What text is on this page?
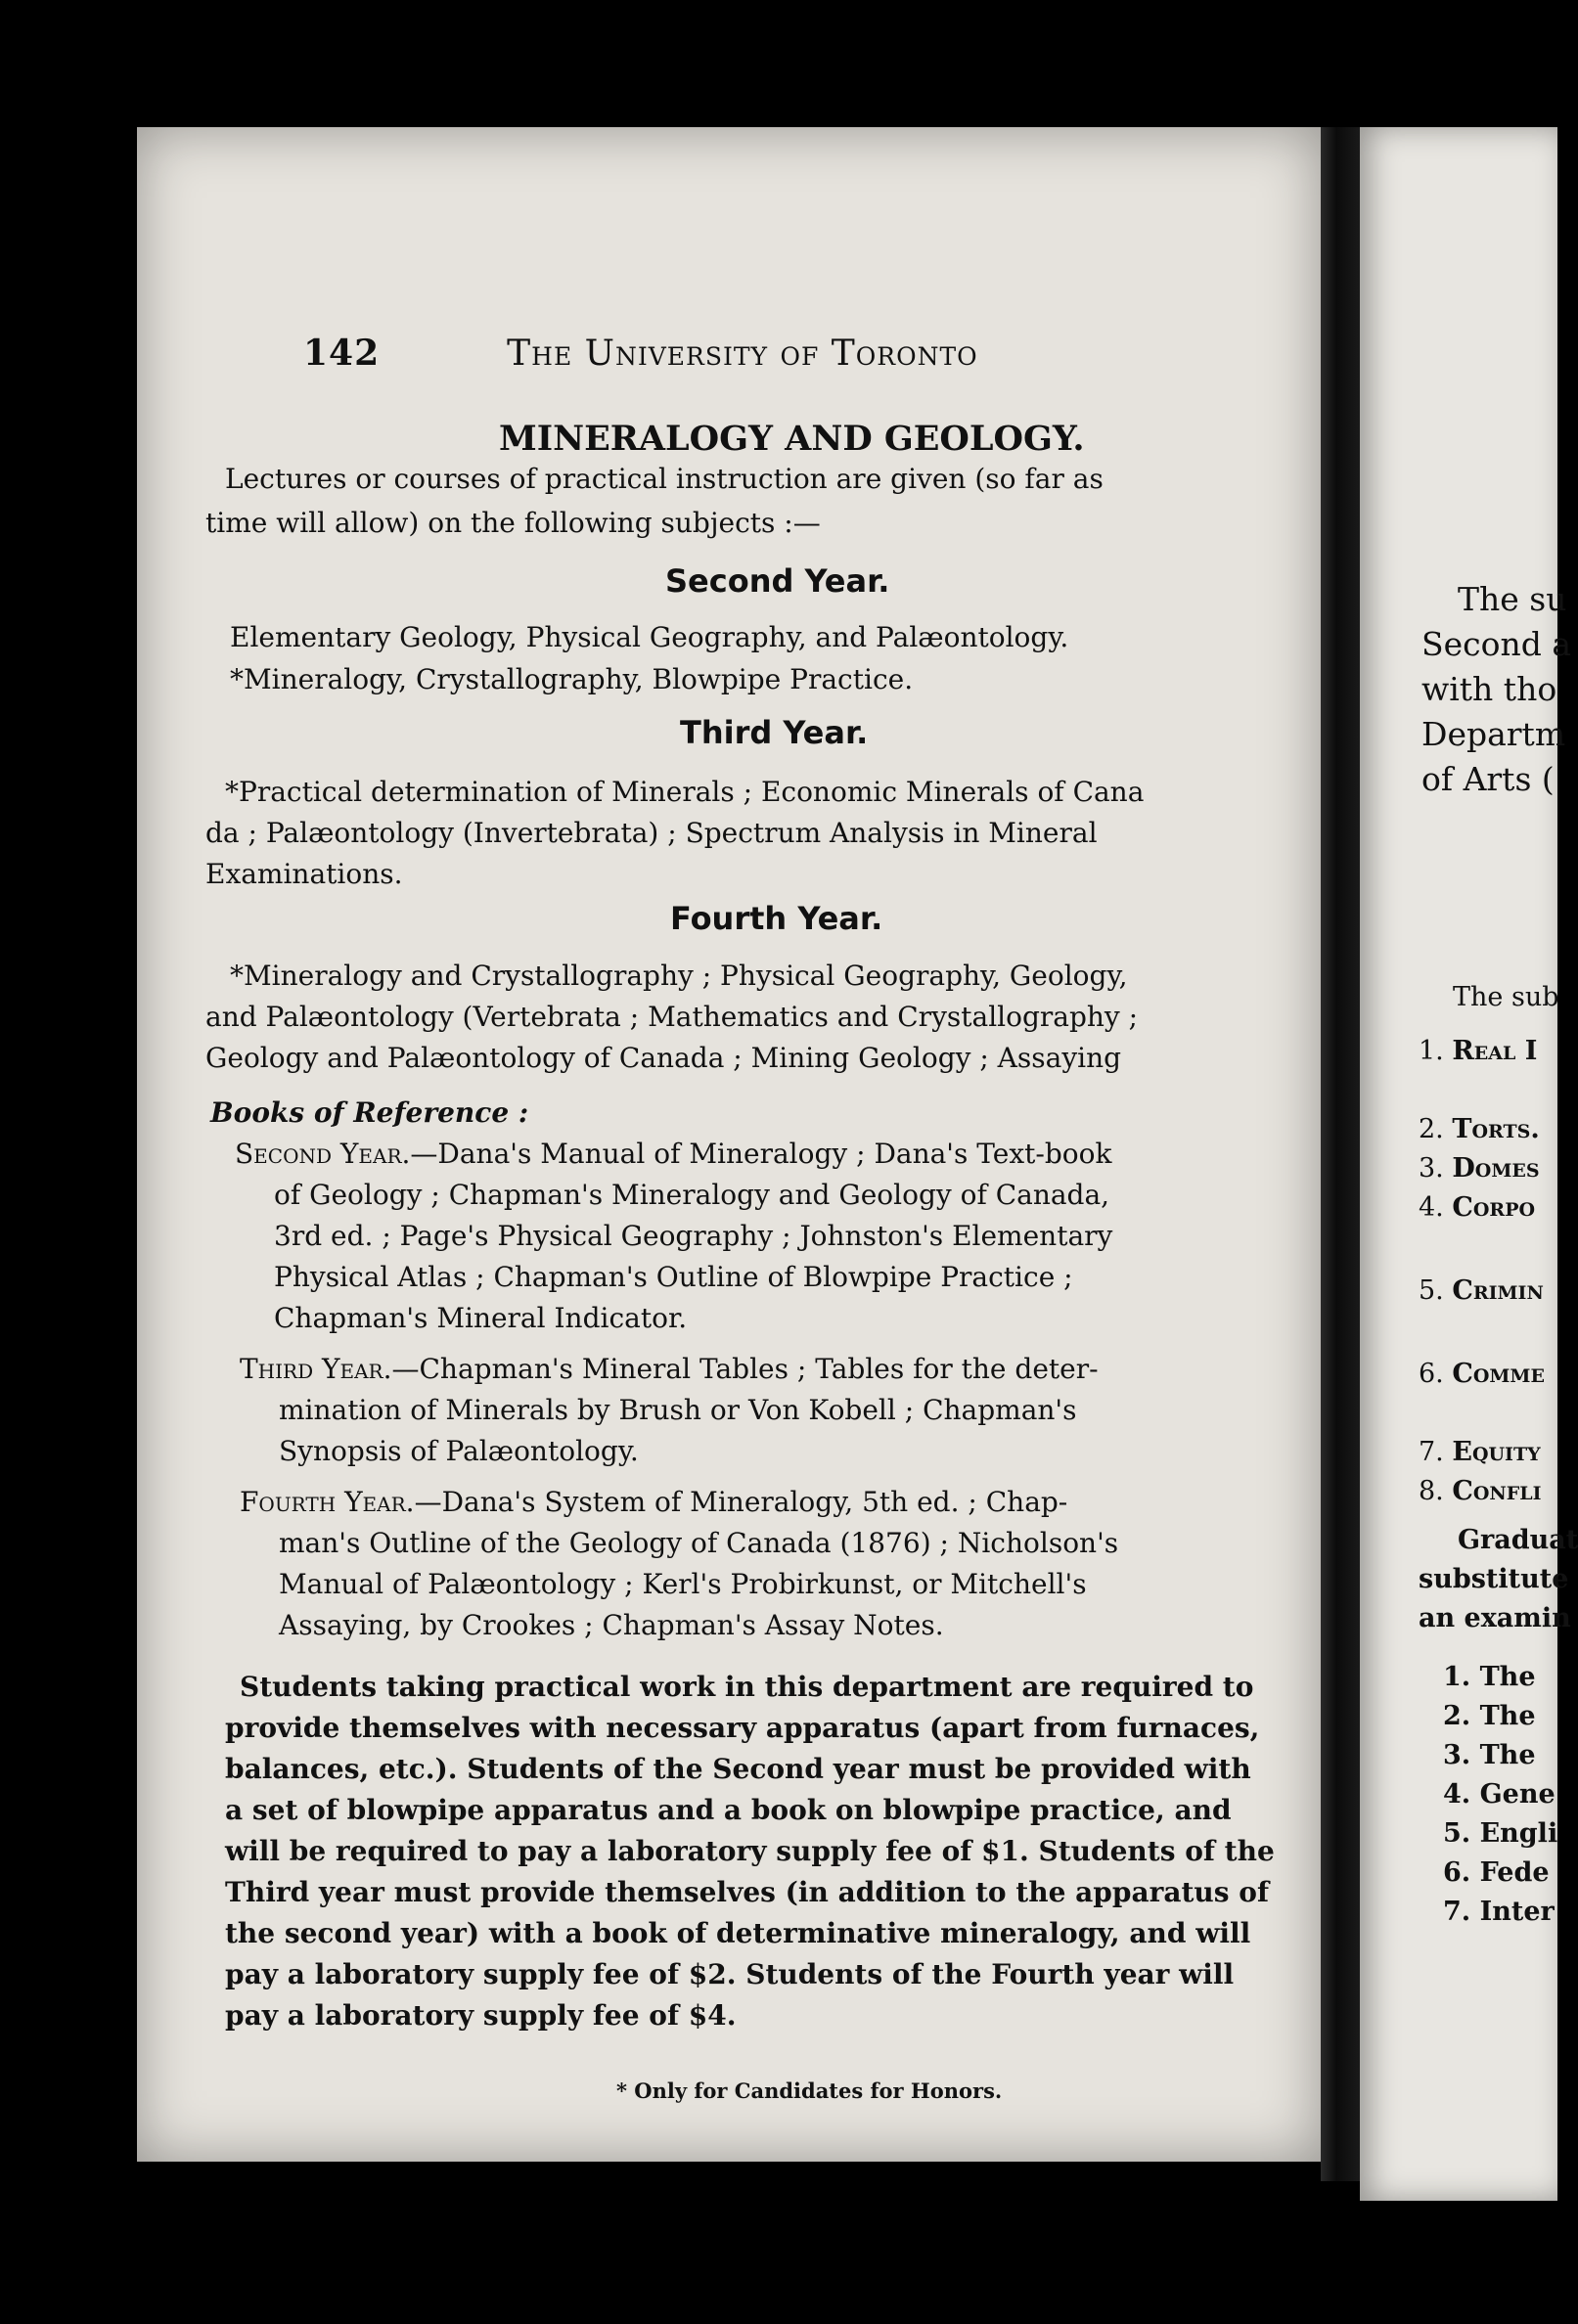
142	The University of Toronto
MINERALOGY AND GEOLOGY.
Lectures or courses of practical instruction are given (so far as
time will allow) on the following subjects :—
Second Year.
Elementary Geology, Physical Geography, and Palæontology.
*Mineralogy, Crystallography, Blowpipe Practice.
Third Year.
*Practical determination of Minerals ; Economic Minerals of Cana
da ; Palæontology (Invertebrata) ; Spectrum Analysis in Mineral
Examinations.
Fourth Year.
*Mineralogy and Crystallography ; Physical Geography, Geology,
and Palæontology (Vertebrata ; Mathematics and Crystallography ;
Geology and Palæontology of Canada ; Mining Geology ; Assaying
Books of Reference :
Second Year.—Dana's Manual of Mineralogy ; Dana's Text-book
of Geology ; Chapman's Mineralogy and Geology of Canada,
3rd ed. ; Page's Physical Geography ; Johnston's Elementary
Physical Atlas ; Chapman's Outline of Blowpipe Practice ;
Chapman's Mineral Indicator.
Third Year.—Chapman's Mineral Tables ; Tables for the deter-
mination of Minerals by Brush or Von Kobell ; Chapman's
Synopsis of Palæontology.
Fourth Year.—Dana's System of Mineralogy, 5th ed. ; Chap-
man's Outline of the Geology of Canada (1876) ; Nicholson's
Manual of Palæontology ; Kerl's Probirkunst, or Mitchell's
Assaying, by Crookes ; Chapman's Assay Notes.
Students taking practical work in this department are required to
provide themselves with necessary apparatus (apart from furnaces,
balances, etc.). Students of the Second year must be provided with
a set of blowpipe apparatus and a book on blowpipe practice, and
will be required to pay a laboratory supply fee of $1. Students of the
Third year must provide themselves (in addition to the apparatus of
the second year) with a book of determinative mineralogy, and will
pay a laboratory supply fee of $2. Students of the Fourth year will
pay a laboratory supply fee of $4.
* Only for Candidates for Honors.
The su
Second a
with tho
Departm
of Arts (
The sub
1. Real I
2. Torts.
3. Domes
4. Corpo
5. Crimin
6. Comme
7. Equity
8. Confli
Graduat
substitute
an examin
1. The
2. The
3. The
4. Gene
5. Engli
6. Fede
7. Inter
